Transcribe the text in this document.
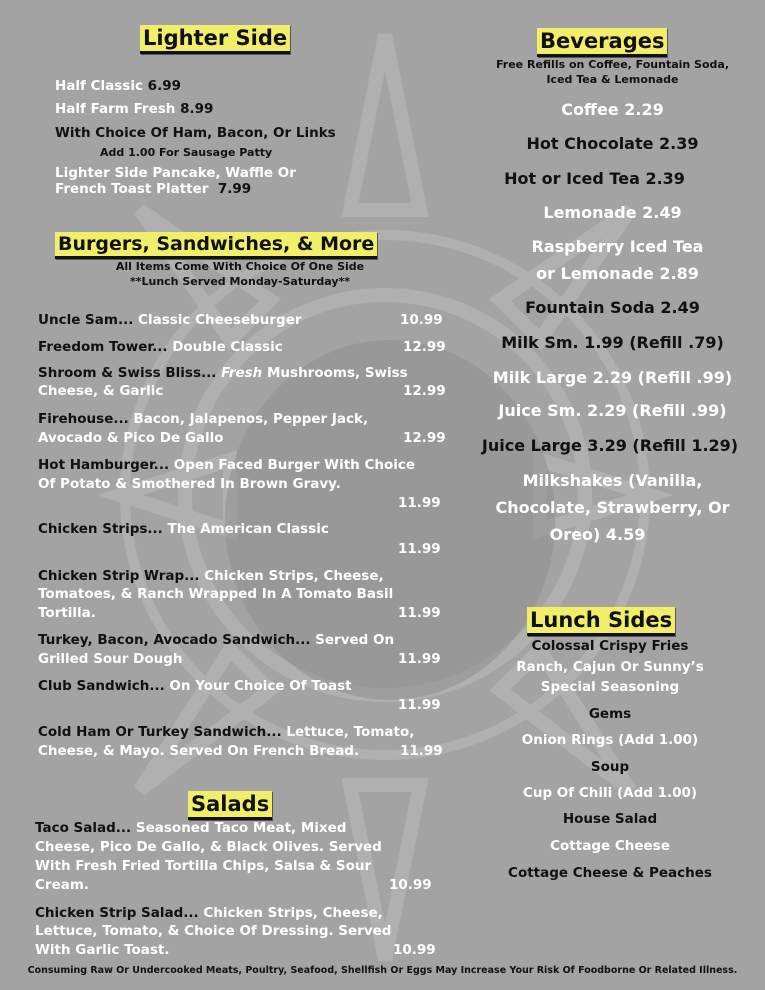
Lighter Side
Half Classic 6.99
Half Farm Fresh 8.99
With Choice Of Ham, Bacon, Or Links
Add 1.00 For Sausage Patty
Lighter Side Pancake, Waffle Or
French Toast Platter 7.99
Burgers, Sandwiches, & More
All Items Come With Choice Of One Side
**Lunch Served Monday-Saturday**
Uncle Sam... Classic Cheeseburger	10.99
Freedom Tower... Double Classic	12.99
Shroom & Swiss Bliss... Fresh Mushrooms, Swiss
Cheese, & Garlic	12.99
Firehouse... Bacon, Jalapenos, Pepper Jack,
Avocado & Pico De Gallo	12.99
Hot Hamburger... Open Faced Burger With Choice
Of Potato & Smothered In Brown Gravy.
11.99
Chicken Strips... The American Classic
11.99
Chicken Strip Wrap... Chicken Strips, Cheese,
Tomatoes, & Ranch Wrapped In A Tomato Basil
Tortilla.	11.99
Turkey, Bacon, Avocado Sandwich... Served On
Grilled Sour Dough	11.99
Club Sandwich... On Your Choice Of Toast
11.99
Cold Ham Or Turkey Sandwich... Lettuce, Tomato,
Cheese, & Mayo. Served On French Bread.	11.99
Salads
Taco Salad... Seasoned Taco Meat, Mixed
Cheese, Pico De Gallo, & Black Olives. Served
With Fresh Fried Tortilla Chips, Salsa & Sour
Cream.	10.99
Chicken Strip Salad... Chicken Strips, Cheese,
Lettuce, Tomato, & Choice Of Dressing. Served
With Garlic Toast.	10.99
Beverages
Free Refills on Coffee, Fountain Soda,
Iced Tea & Lemonade
Coffee 2.29
Hot Chocolate 2.39
Hot or Iced Tea 2.39
Lemonade 2.49
Raspberry Iced Tea
or Lemonade 2.89
Fountain Soda 2.49
Milk Sm. 1.99 (Refill .79)
Milk Large 2.29 (Refill .99)
Juice Sm. 2.29 (Refill .99)
Juice Large 3.29 (Refill 1.29)
Milkshakes (Vanilla,
Chocolate, Strawberry, Or
Oreo) 4.59
Lunch Sides
Colossal Crispy Fries
Ranch, Cajun Or Sunny’s
Special Seasoning
Gems
Onion Rings (Add 1.00)
Soup
Cup Of Chili (Add 1.00)
House Salad
Cottage Cheese
Cottage Cheese & Peaches
Consuming Raw Or Undercooked Meats, Poultry, Seafood, Shellfish Or Eggs May Increase Your Risk Of Foodborne Or Related Illness.
